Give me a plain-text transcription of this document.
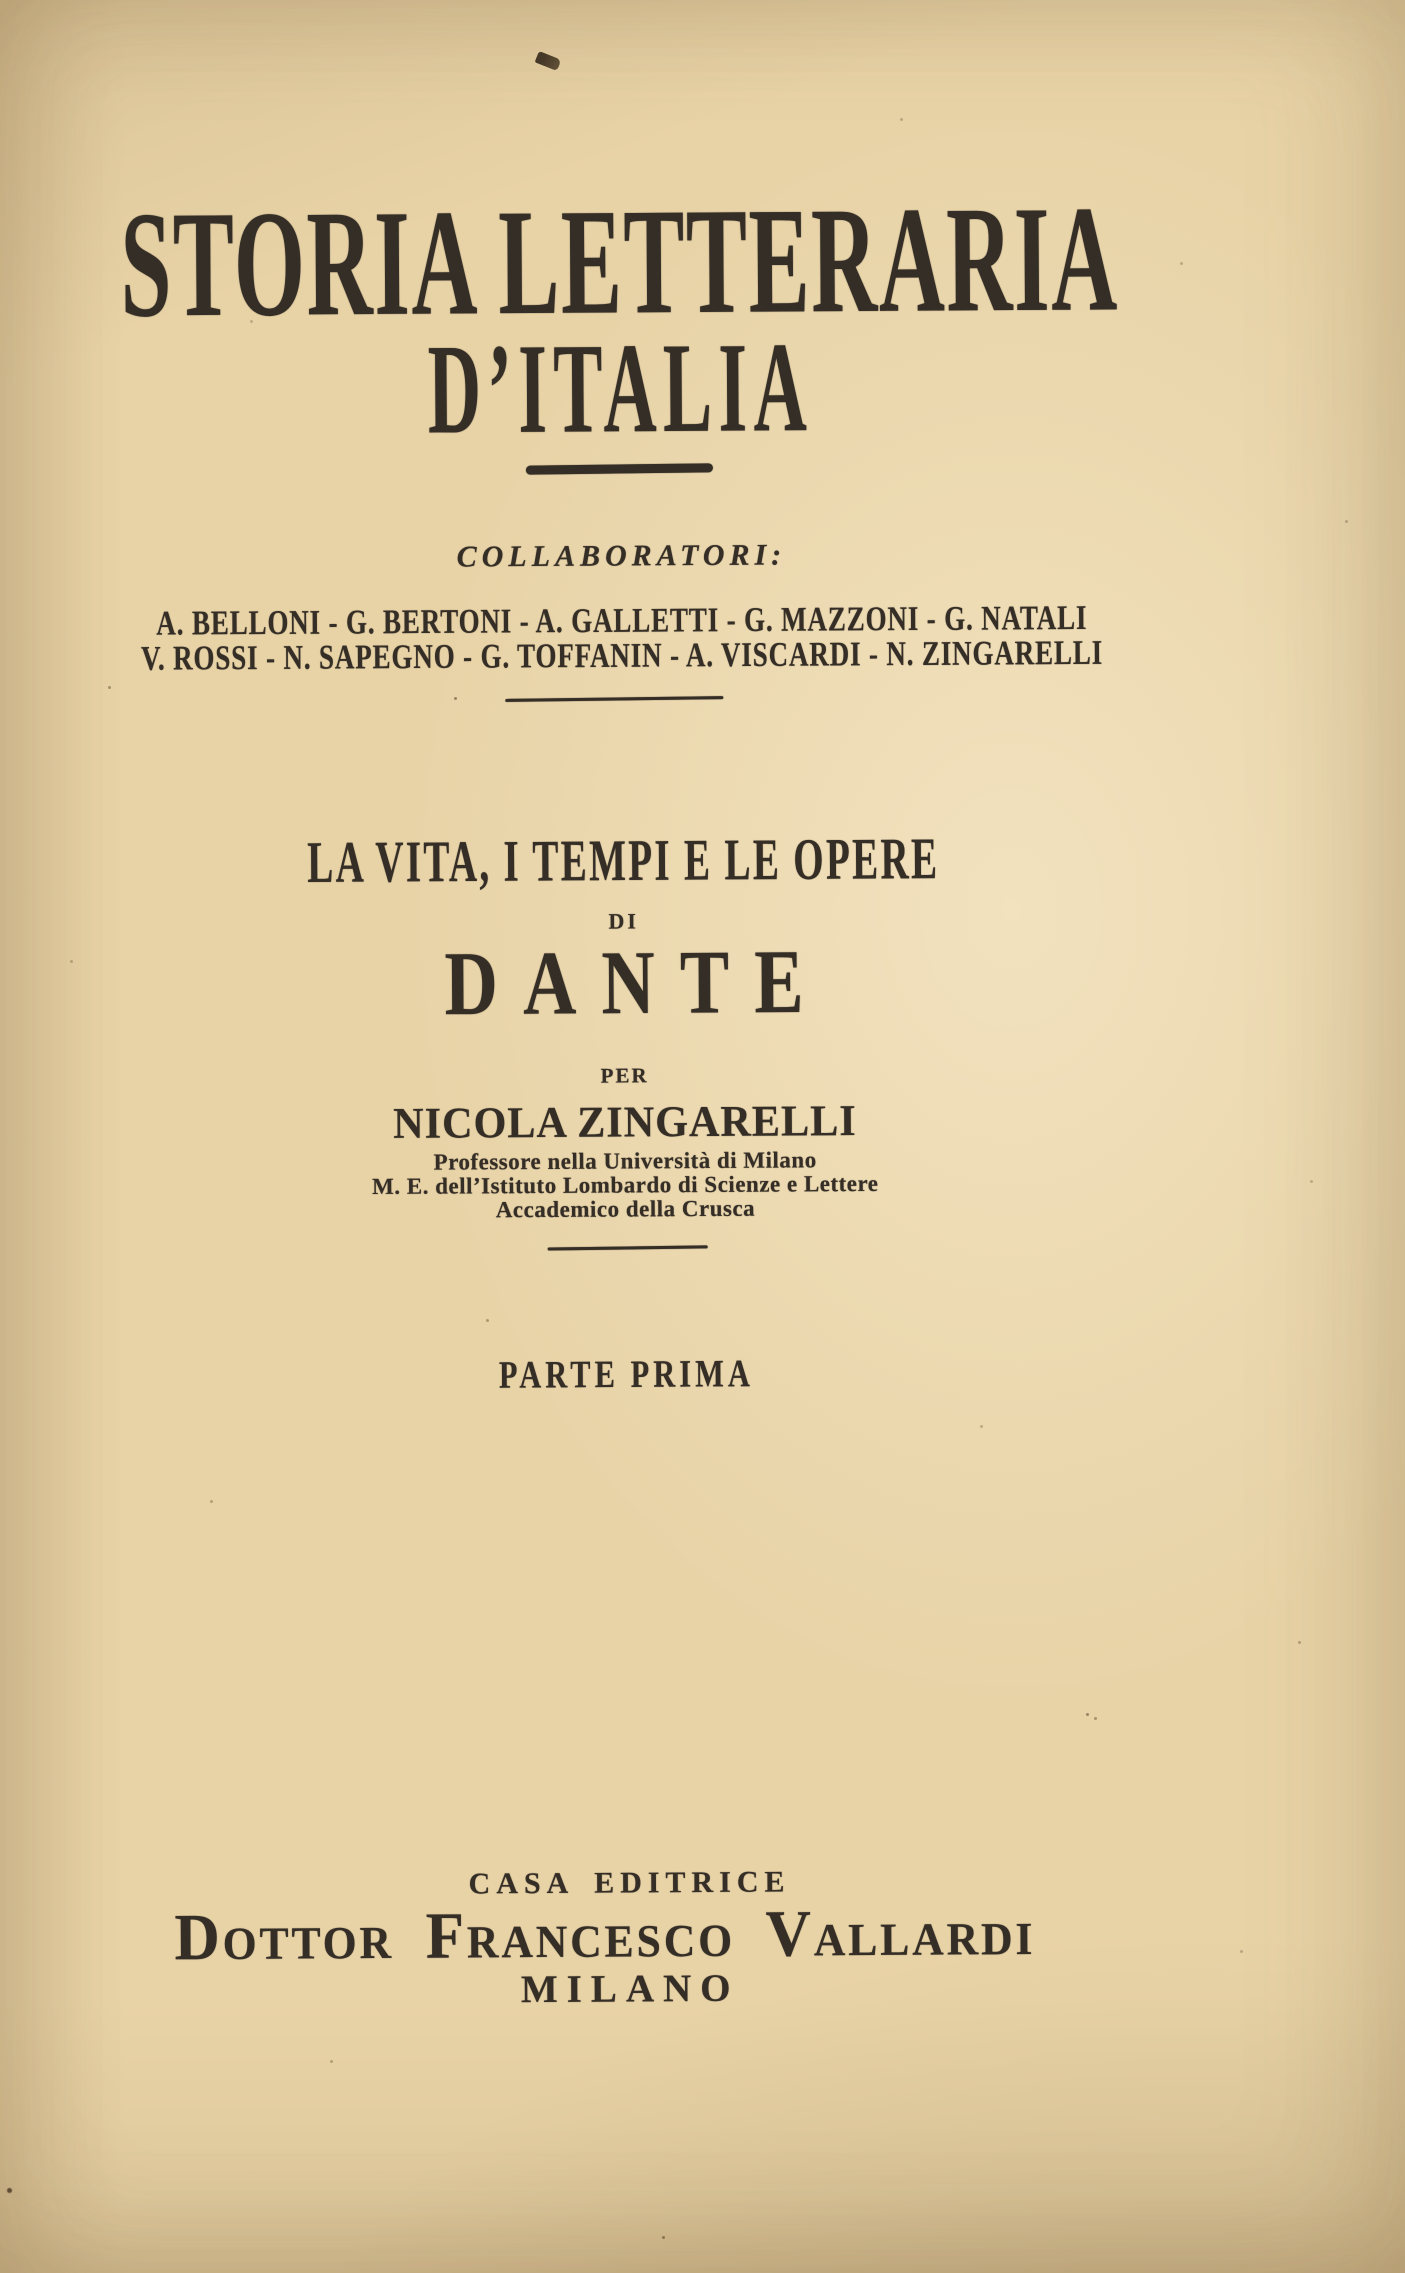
STORIA LETTERARIA
D’ITALIA
COLLABORATORI:
A. BELLONI - G. BERTONI - A. GALLETTI - G. MAZZONI - G. NATALI
V. ROSSI - N. SAPEGNO - G. TOFFANIN - A. VISCARDI - N. ZINGARELLI
LA VITA, I TEMPI E LE OPERE
DI
DANTE
PER
NICOLA ZINGARELLI
Professore nella Università di Milano
M. E. dell’Istituto Lombardo di Scienze e Lettere
Accademico della Crusca
PARTE PRIMA
CASA EDITRICE
Dottor Francesco Vallardi
MILANO
